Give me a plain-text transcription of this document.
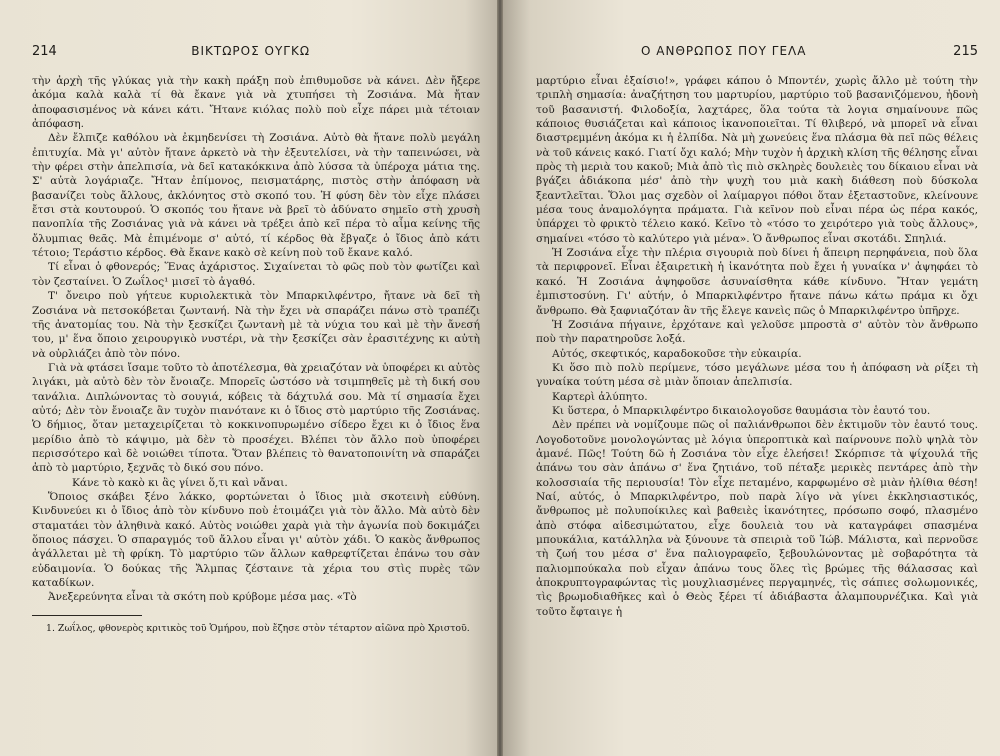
214	ΒΙΚΤΩΡΟΣ ΟΥΓΚΩ

τὴν ἀρχὴ τῆς γλύκας γιὰ τὴν κακὴ πράξη ποὺ ἐπιθυμοῦσε νὰ κάνει. Δὲν ἤξερε ἀκόμα καλὰ καλὰ τί θὰ ἔκανε γιὰ νὰ χτυπήσει τὴ Ζοσιάνα. Μὰ ἤταν ἀποφασισμένος νὰ κάνει κάτι. Ἤτανε κιόλας πολὺ ποὺ εἶχε πάρει μιὰ τέτοιαν ἀπόφαση.

Δὲν ἔλπιζε καθόλου νὰ ἐκμηδενίσει τὴ Ζοσιάνα. Αὐτὸ θὰ ἤτανε πολὺ μεγάλη ἐπιτυχία. Μὰ γι' αὐτὸν ἤτανε ἀρκετὸ νὰ τὴν ἐξευτελίσει, νὰ τὴν ταπεινώσει, νὰ τὴν φέρει στὴν ἀπελπισία, νὰ δεῖ κατακόκκινα ἀπὸ λύσσα τὰ ὑπέροχα μάτια της. Σ' αὐτὰ λογάριαζε. Ἤταν ἐπίμονος, πεισματάρης, πιστὸς στὴν ἀπόφαση νὰ βασανίζει τοὺς ἄλλους, ἀκλόνητος στὸ σκοπό του. Ἡ φύση δὲν τὸν εἶχε πλάσει ἔτσι στὰ κουτουρού. Ὁ σκοπός του ἤτανε νὰ βρεῖ τὸ ἀδύνατο σημεῖο στὴ χρυσὴ πανοπλία τῆς Ζοσιάνας γιὰ νὰ κάνει νὰ τρέξει ἀπὸ κεῖ πέρα τὸ αἷμα κείνης τῆς ὄλυμπιας θεᾶς. Μὰ ἐπιμένομε σ' αὐτό, τί κέρδος θὰ ἔβγαζε ὁ ἴδιος ἀπὸ κάτι τέτοιο; Τεράστιο κέρδος. Θὰ ἔκανε κακὸ σὲ κείνη ποὺ τοῦ ἔκανε καλό.

Τί εἶναι ὁ φθονερός; Ἕνας ἀχάριστος. Σιχαίνεται τὸ φῶς ποὺ τὸν φωτίζει καὶ τὸν ζεσταίνει. Ὁ Ζωΐλος¹ μισεῖ τὸ ἀγαθό.

Τ' ὄνειρο ποὺ γήτευε κυριολεκτικὰ τὸν Μπαρκιλφέντρο, ἤτανε νὰ δεῖ τὴ Ζοσιάνα νὰ πετσοκόβεται ζωντανή. Νὰ τὴν ἔχει νὰ σπαράζει πάνω στὸ τραπέζι τῆς ἀνατομίας του. Νὰ τὴν ξεσκίζει ζωντανὴ μὲ τὰ νύχια του καὶ μὲ τὴν ἄνεσή του, μ' ἕνα ὅποιο χειρουργικὸ νυστέρι, νὰ τὴν ξεσκίζει σὰν ἐρασιτέχνης κι αὐτὴ νὰ οὐρλιάζει ἀπὸ τὸν πόνο.

Γιὰ νὰ φτάσει ἴσαμε τοῦτο τὸ ἀποτέλεσμα, θὰ χρειαζόταν νὰ ὑποφέρει κι αὐτὸς λιγάκι, μὰ αὐτὸ δὲν τὸν ἔνοιαζε. Μπορεῖς ὡστόσο νὰ τσιμπηθεῖς μὲ τὴ δική σου τανάλια. Διπλώνοντας τὸ σουγιά, κόβεις τὰ δάχτυλά σου. Μὰ τί σημασία ἔχει αὐτό; Δὲν τὸν ἔνοιαζε ἂν τυχὸν πιανότανε κι ὁ ἴδιος στὸ μαρτύριο τῆς Ζοσιάνας. Ὁ δήμιος, ὅταν μεταχειρίζεται τὸ κοκκινοπυρωμένο σίδερο ἔχει κι ὁ ἴδιος ἕνα μερίδιο ἀπὸ τὸ κάψιμο, μὰ δὲν τὸ προσέχει. Βλέπει τὸν ἄλλο ποὺ ὑποφέρει περισσότερο καὶ δὲ νοιώθει τίποτα. Ὅταν βλέπεις τὸ θανατοποινίτη νὰ σπαράζει ἀπὸ τὸ μαρτύριο, ξεχνᾶς τὸ δικό σου πόνο.

Κάνε τὸ κακὸ κι ἂς γίνει ὅ,τι καὶ νἄναι.

Ὅποιος σκάβει ξένο λάκκο, φορτώνεται ὁ ἴδιος μιὰ σκοτεινὴ εὐθύνη. Κινδυνεύει κι ὁ ἴδιος ἀπὸ τὸν κίνδυνο ποὺ ἑτοιμάζει γιὰ τὸν ἄλλο. Μὰ αὐτὸ δὲν σταματάει τὸν ἀληθινὰ κακό. Αὐτὸς νοιώθει χαρὰ γιὰ τὴν ἀγωνία ποὺ δοκιμάζει ὅποιος πάσχει. Ὁ σπαραγμός τοῦ ἄλλου εἶναι γι' αὐτὸν χάδι. Ὁ κακὸς ἄνθρωπος ἀγάλλεται μὲ τὴ φρίκη. Τὸ μαρτύριο τῶν ἄλλων καθρεφτίζεται ἐπάνω του σὰν εὐδαιμονία. Ὁ δούκας τῆς Ἄλμπας ζέσταινε τὰ χέρια του στὶς πυρὲς τῶν καταδίκων.

Ἀνεξερεύνητα εἶναι τὰ σκότη ποὺ κρύβομε μέσα μας. «Τὸ

1. Ζωΐλος, φθονερὸς κριτικὸς τοῦ Ὁμήρου, ποὺ ἔζησε στὸν τέταρτον αἰῶνα πρὸ Χριστοῦ.
Ο ΑΝΘΡΩΠΟΣ ΠΟΥ ΓΕΛΑ	215

μαρτύριο εἶναι ἐξαίσιο!», γράφει κάπου ὁ Μποντέν, χωρὶς ἄλλο μὲ τούτη τὴν τριπλὴ σημασία: ἀναζήτηση του μαρτυρίου, μαρτύριο τοῦ βασανιζόμενου, ἡδονὴ τοῦ βασανιστή. Φιλοδοξία, λαχτάρες, ὅλα τούτα τὰ λογια σημαίνουνε πῶς κάποιος θυσιάζεται καὶ κάποιος ἱκανοποιεῖται. Τί θλιβερό, νὰ μπορεῖ νὰ εἶναι διαστρεμμένη ἀκόμα κι ἡ ἐλπίδα. Νὰ μὴ χωνεύεις ἕνα πλάσμα θὰ πεῖ πῶς θέλεις νὰ τοῦ κάνεις κακό. Γιατί ὄχι καλό; Μὴν τυχὸν ἡ ἀρχικὴ κλίση τῆς θέλησης εἶναι πρὸς τὴ μεριὰ του κακοῦ; Μιὰ ἀπὸ τὶς πιὸ σκληρὲς δουλειὲς του δίκαιου εἶναι νὰ βγάζει ἀδιάκοπα μέσ' ἀπὸ τὴν ψυχὴ του μιὰ κακὴ διάθεση ποὺ δύσκολα ξεαντλεῖται. Ὅλοι μας σχεδὸν οἱ λαίμαργοι πόθοι ὅταν ἐξεταστοῦνε, κλείνουνε μέσα τους ἀναμολόγητα πράματα. Γιὰ κεῖνον ποὺ εἶναι πέρα ὡς πέρα κακός, ὑπάρχει τὸ φρικτὸ τέλειο κακό. Κεῖνο τὸ «τόσο το χειρότερο γιὰ τοὺς ἄλλους», σημαίνει «τόσο τὸ καλύτερο γιὰ μένα». Ὁ ἄνθρωπος εἶναι σκοτάδι. Σπηλιά.

Ἡ Ζοσιάνα εἶχε τὴν πλέρια σιγουριὰ ποὺ δίνει ἡ ἄπειρη περηφάνεια, ποὺ ὅλα τὰ περιφρονεῖ. Εἶναι ἐξαιρετικὴ ἡ ἱκανότητα ποὺ ἔχει ἡ γυναίκα ν' ἀψηφάει τὸ κακό. Ἡ Ζοσιάνα ἀψηφοῦσε ἀσυναίσθητα κάθε κίνδυνο. Ἤταν γεμάτη ἐμπιστοσύνη. Γι' αὐτήν, ὁ Μπαρκιλφέντρο ἤτανε πάνω κάτω πράμα κι ὄχι ἄνθρωπο. Θὰ ξαφνιαζόταν ἂν τῆς ἔλεγε κανεὶς πῶς ὁ Μπαρκιλφέντρο ὑπῆρχε.

Ἡ Ζοσιάνα πήγαινε, ἐρχότανε καὶ γελοῦσε μπροστὰ σ' αὐτὸν τὸν ἄνθρωπο ποὺ τὴν παρατηροῦσε λοξά.

Αὐτός, σκεφτικός, καραδοκοῦσε τὴν εὐκαιρία.

Κι ὅσο πιὸ πολὺ περίμενε, τόσο μεγάλωνε μέσα του ἡ ἀπόφαση νὰ ρίξει τὴ γυναίκα τούτη μέσα σὲ μιὰν ὅποιαν ἀπελπισία.

Καρτερὶ ἀλύπητο.

Κι ὕστερα, ὁ Μπαρκιλφέντρο δικαιολογοῦσε θαυμάσια τὸν ἑαυτό του.

Δὲν πρέπει νὰ νομίζουμε πῶς οἱ παλιάνθρωποι δὲν ἐκτιμοῦν τὸν ἑαυτό τους. Λογοδοτοῦνε μονολογώντας μὲ λόγια ὑπεροπτικὰ καὶ παίρνουνε πολὺ ψηλὰ τὸν ἀμανέ. Πῶς! Τούτη δῶ ἡ Ζοσιάνα τὸν εἶχε ἐλεήσει! Σκόρπισε τὰ ψίχουλά τῆς ἀπάνω του σὰν ἀπάνω σ' ἕνα ζητιάνο, τοῦ πέταξε μερικὲς πεντάρες ἀπὸ τὴν κολοσσιαία τῆς περιουσία! Τὸν εἶχε πεταμένο, καρφωμένο σὲ μιὰν ἠλίθια θέση! Ναί, αὐτός, ὁ Μπαρκιλφέντρο, ποὺ παρὰ λίγο νὰ γίνει ἐκκλησιαστικός, ἄνθρωπος μὲ πολυποίκιλες καὶ βαθειὲς ἱκανότητες, πρόσωπο σοφό, πλασμένο ἀπὸ στόφα αἰδεσιμώτατου, εἶχε δουλειὰ του νὰ καταγράφει σπασμένα μπουκάλια, κατάλληλα νὰ ξύνουνε τὰ σπειριὰ τοῦ Ἰώβ. Μάλιστα, καὶ περνοῦσε τὴ ζωή του μέσα σ' ἕνα παλιογραφεῖο, ξεβουλώνοντας μὲ σοβαρότητα τὰ παλιομπούκαλα ποὺ εἶχαν ἀπάνω τους ὅλες τὶς βρώμες τῆς θάλασσας καὶ ἀποκρυπτογραφώντας τὶς μουχλιασμένες περγαμηνές, τὶς σάπιες σολωμονικές, τὶς βρωμοδιαθῆκες καὶ ὁ Θεὸς ξέρει τί ἀδιάβαστα ἀλαμπουρνέζικα. Καὶ γιὰ τοῦτο ἔφταιγε ἡ
